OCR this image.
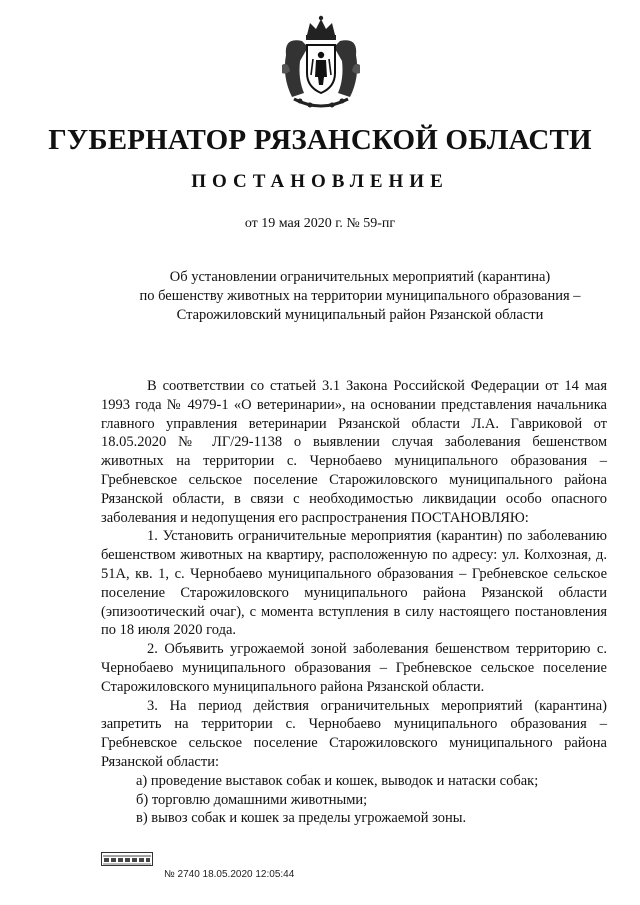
ГУБЕРНАТОР РЯЗАНСКОЙ ОБЛАСТИ
ПОСТАНОВЛЕНИЕ
от 19 мая 2020 г. № 59-пг
Об установлении ограничительных мероприятий (карантина)
по бешенству животных на территории муниципального образования –
Старожиловский муниципальный район Рязанской области

В соответствии со статьей 3.1 Закона Российской Федерации от 14 мая 1993 года № 4979-1 «О ветеринарии», на основании представления начальника главного управления ветеринарии Рязанской области Л.А. Гавриковой от 18.05.2020 № ЛГ/29-1138 о выявлении случая заболевания бешенством животных на территории с. Чернобаево муниципального образования – Гребневское сельское поселение Старожиловского муниципального района Рязанской области, в связи с необходимостью ликвидации особо опасного заболевания и недопущения его распространения ПОСТАНОВЛЯЮ:

1. Установить ограничительные мероприятия (карантин) по заболеванию бешенством животных на квартиру, расположенную по адресу: ул. Колхозная, д. 51А, кв. 1, с. Чернобаево муниципального образования – Гребневское сельское поселение Старожиловского муниципального района Рязанской области (эпизоотический очаг), с момента вступления в силу настоящего постановления по 18 июля 2020 года.

2. Объявить угрожаемой зоной заболевания бешенством территорию с. Чернобаево муниципального образования – Гребневское сельское поселение Старожиловского муниципального района Рязанской области.

3. На период действия ограничительных мероприятий (карантина) запретить на территории с. Чернобаево муниципального образования – Гребневское сельское поселение Старожиловского муниципального района Рязанской области:

а) проведение выставок собак и кошек, выводок и натаски собак;

б) торговлю домашними животными;

в) вывоз собак и кошек за пределы угрожаемой зоны.

№ 2740 18.05.2020 12:05:44
